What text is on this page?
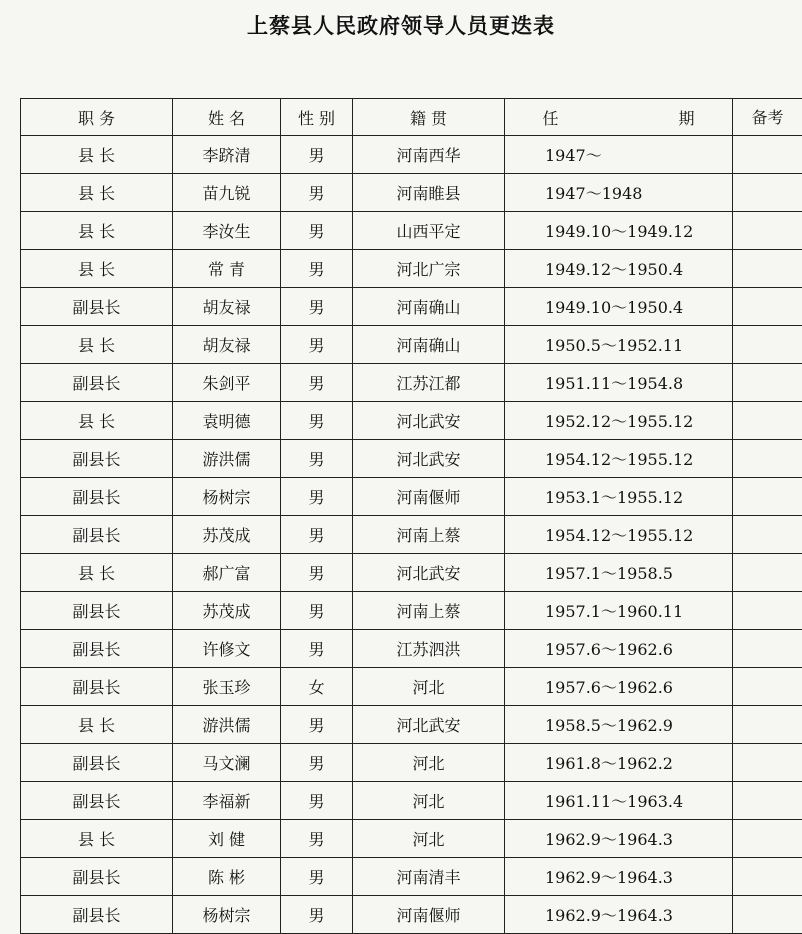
上蔡县人民政府领导人员更迭表
职 务	姓 名	性 别	籍 贯	任 期	备考
县 长	李跻清	男	河南西华	1947～	
县 长	苗九锐	男	河南睢县	1947～1948	
县 长	李汝生	男	山西平定	1949.10～1949.12	
县 长	常 青	男	河北广宗	1949.12～1950.4	
副县长	胡友禄	男	河南确山	1949.10～1950.4	
县 长	胡友禄	男	河南确山	1950.5～1952.11	
副县长	朱剑平	男	江苏江都	1951.11～1954.8	
县 长	袁明德	男	河北武安	1952.12～1955.12	
副县长	游洪儒	男	河北武安	1954.12～1955.12	
副县长	杨树宗	男	河南偃师	1953.1～1955.12	
副县长	苏茂成	男	河南上蔡	1954.12～1955.12	
县 长	郝广富	男	河北武安	1957.1～1958.5	
副县长	苏茂成	男	河南上蔡	1957.1～1960.11	
副县长	许修文	男	江苏泗洪	1957.6～1962.6	
副县长	张玉珍	女	河北	1957.6～1962.6	
县 长	游洪儒	男	河北武安	1958.5～1962.9	
副县长	马文澜	男	河北	1961.8～1962.2	
副县长	李福新	男	河北	1961.11～1963.4	
县 长	刘 健	男	河北	1962.9～1964.3	
副县长	陈 彬	男	河南清丰	1962.9～1964.3	
副县长	杨树宗	男	河南偃师	1962.9～1964.3	
